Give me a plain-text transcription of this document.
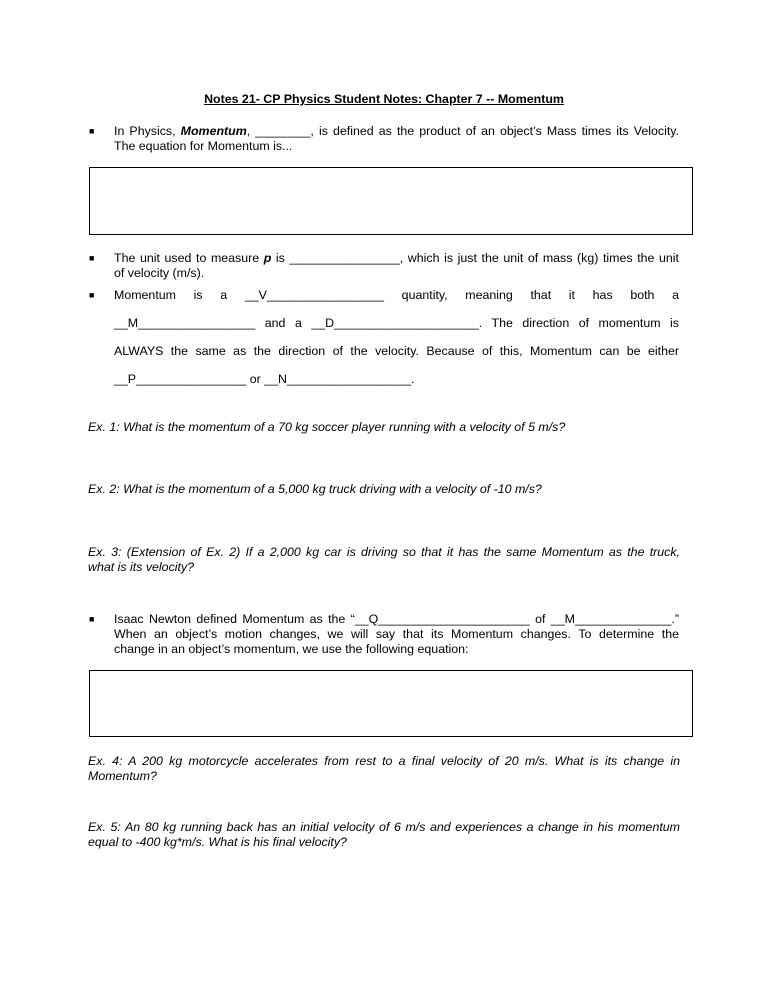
Notes 21- CP Physics Student Notes: Chapter 7 -- Momentum
■ In Physics, Momentum, ________, is defined as the product of an object’s Mass times its Velocity.
The equation for Momentum is...
■ The unit used to measure p is ________________, which is just the unit of mass (kg) times the unit
of velocity (m/s).
■ Momentum is a __V_________________ quantity, meaning that it has both a
__M_________________ and a __D_____________________. The direction of momentum is
ALWAYS the same as the direction of the velocity. Because of this, Momentum can be either
__P________________ or __N__________________.
Ex. 1: What is the momentum of a 70 kg soccer player running with a velocity of 5 m/s?
Ex. 2: What is the momentum of a 5,000 kg truck driving with a velocity of -10 m/s?
Ex. 3: (Extension of Ex. 2) If a 2,000 kg car is driving so that it has the same Momentum as the truck,
what is its velocity?
■ Isaac Newton defined Momentum as the “__Q______________________ of __M______________.”
When an object’s motion changes, we will say that its Momentum changes. To determine the
change in an object’s momentum, we use the following equation:
Ex. 4: A 200 kg motorcycle accelerates from rest to a final velocity of 20 m/s. What is its change in
Momentum?
Ex. 5: An 80 kg running back has an initial velocity of 6 m/s and experiences a change in his momentum
equal to -400 kg*m/s. What is his final velocity?
